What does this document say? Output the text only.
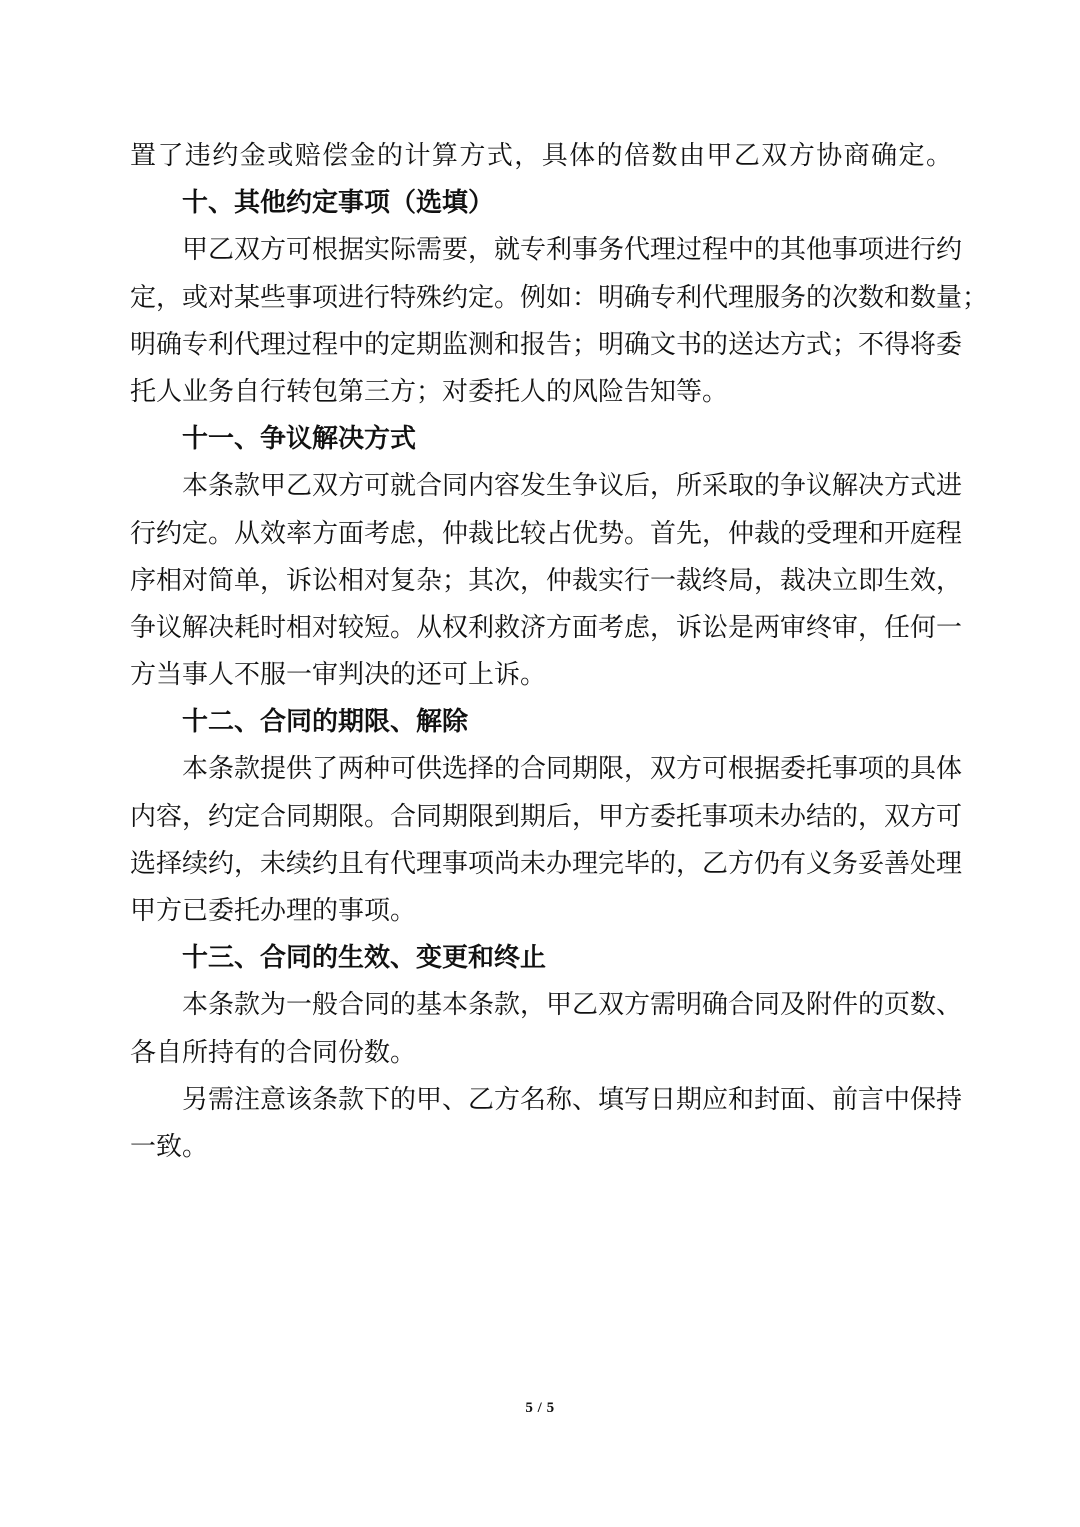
置了违约金或赔偿金的计算方式，具体的倍数由甲乙双方协商确定。
十、其他约定事项（选填）
甲乙双方可根据实际需要，就专利事务代理过程中的其他事项进行约
定，或对某些事项进行特殊约定。例如：明确专利代理服务的次数和数量；
明确专利代理过程中的定期监测和报告；明确文书的送达方式；不得将委
托人业务自行转包第三方；对委托人的风险告知等。
十一、争议解决方式
本条款甲乙双方可就合同内容发生争议后，所采取的争议解决方式进
行约定。从效率方面考虑，仲裁比较占优势。首先，仲裁的受理和开庭程
序相对简单，诉讼相对复杂；其次，仲裁实行一裁终局，裁决立即生效，
争议解决耗时相对较短。从权利救济方面考虑，诉讼是两审终审，任何一
方当事人不服一审判决的还可上诉。
十二、合同的期限、解除
本条款提供了两种可供选择的合同期限，双方可根据委托事项的具体
内容，约定合同期限。合同期限到期后，甲方委托事项未办结的，双方可
选择续约，未续约且有代理事项尚未办理完毕的，乙方仍有义务妥善处理
甲方已委托办理的事项。
十三、合同的生效、变更和终止
本条款为一般合同的基本条款，甲乙双方需明确合同及附件的页数、
各自所持有的合同份数。
另需注意该条款下的甲、乙方名称、填写日期应和封面、前言中保持
一致。
5 / 5
